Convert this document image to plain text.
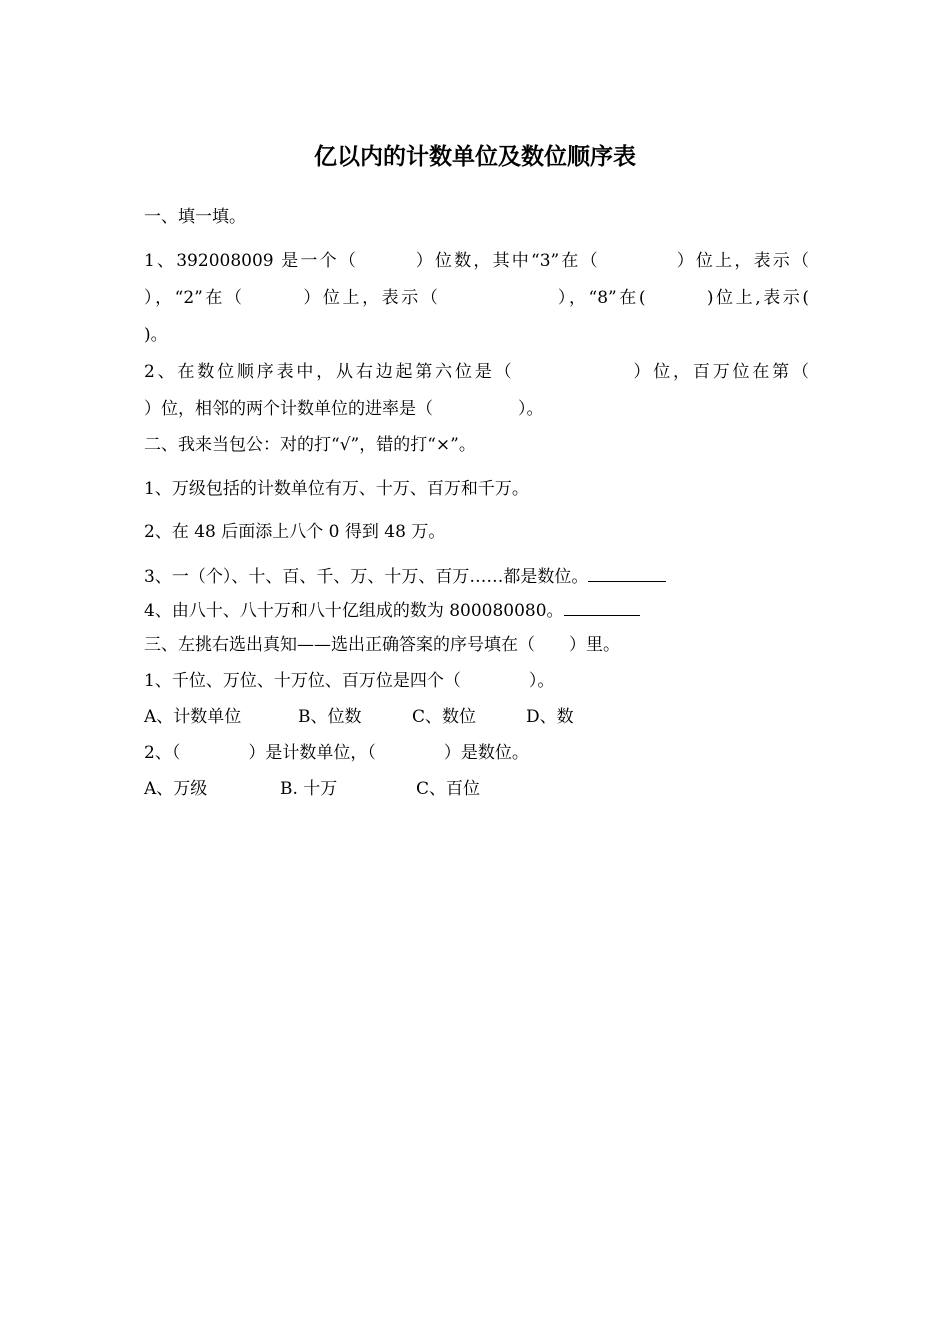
亿以内的计数单位及数位顺序表
一、填一填。
1、392008009 是一个（　　　）位数，其中“3”在（　　　　）位上，表示（
），“2”在（　　　）位上，表示（　　　　　　），“8”在(　　　)位上,表示(
)。
2、在数位顺序表中，从右边起第六位是（　　　　　　）位，百万位在第（
）位，相邻的两个计数单位的进率是（　　　　　）。
二、我来当包公：对的打“√”，错的打“×”。
1、万级包括的计数单位有万、十万、百万和千万。
2、在 48 后面添上八个 0 得到 48 万。
3、一（个）、十、百、千、万、十万、百万……都是数位。
4、由八十、八十万和八十亿组成的数为 800080080。
三、左挑右选出真知——选出正确答案的序号填在（　　）里。
1、千位、万位、十万位、百万位是四个（　　　　）。
A、计数单位	B、位数	C、数位	D、数
2、（　　　　）是计数单位，（　　　　）是数位。
A、万级	B. 十万	C、百位
